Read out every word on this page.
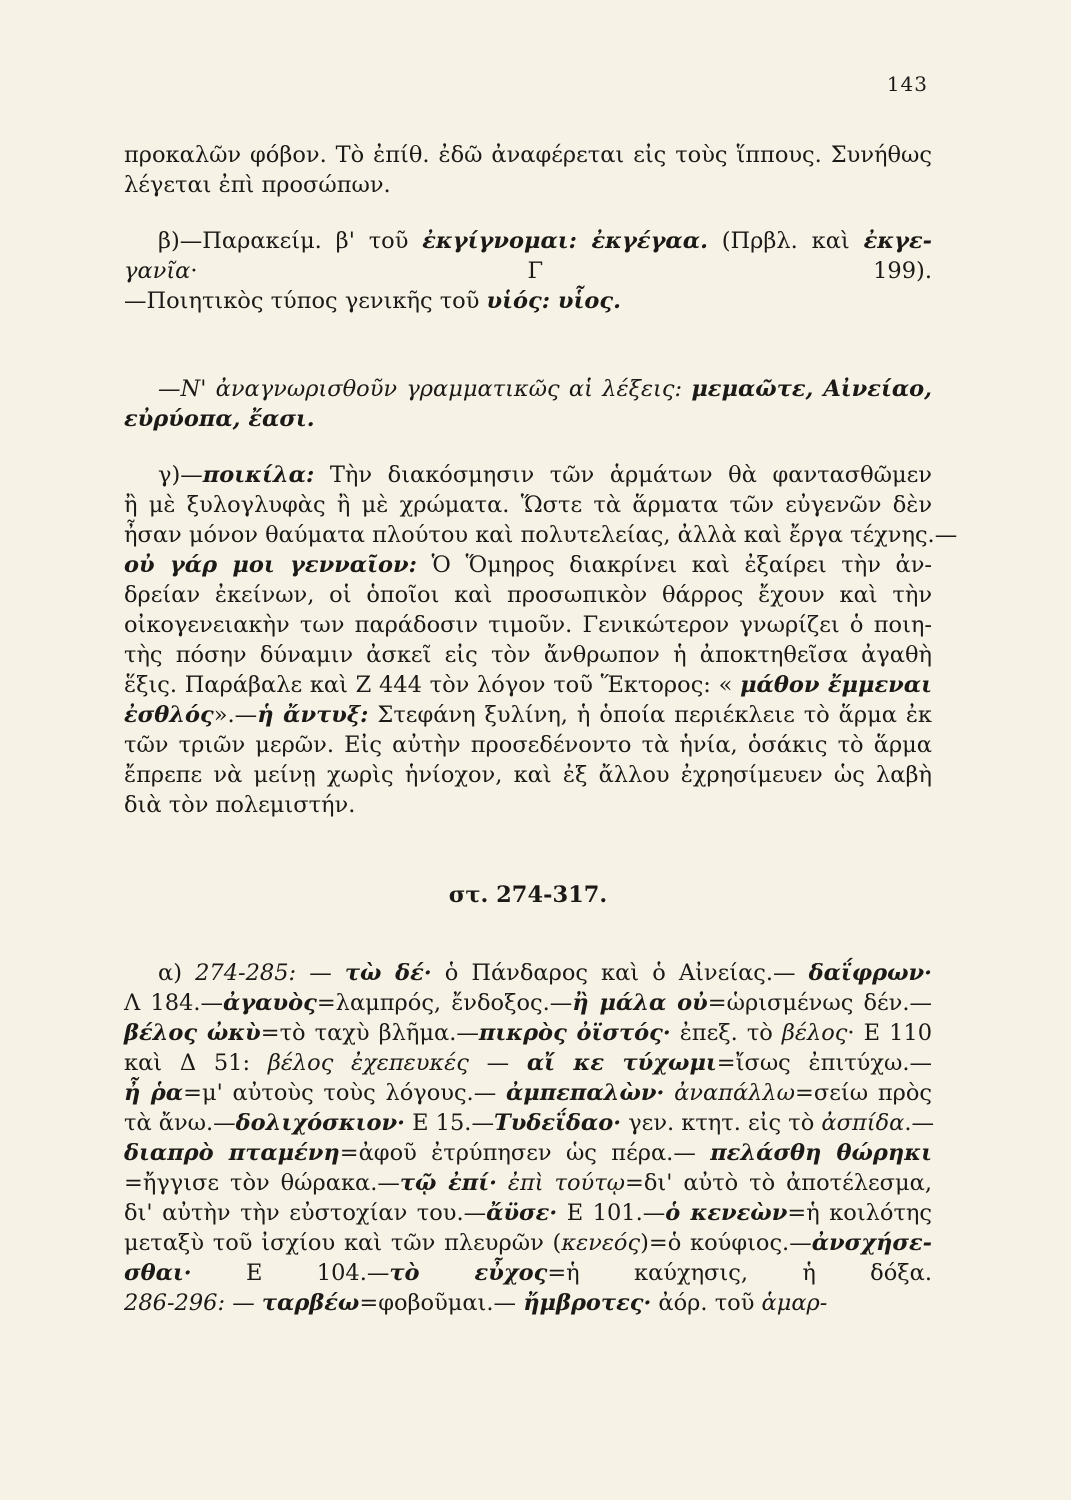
143
προκαλῶν φόβον. Τὸ ἐπίθ. ἐδῶ ἀναφέρεται εἰς τοὺς ἵππους. Συνήθως
λέγεται ἐπὶ προσώπων.
β)—Παρακείμ. β' τοῦ ἐκγίγνομαι: ἐκγέγαα. (Πρβλ. καὶ ἐκγε-
γανῖα· Γ 199).
—Ποιητικὸς τύπος γενικῆς τοῦ υἱός: υἷος.
—Ν' ἀναγνωρισθοῦν γραμματικῶς αἱ λέξεις: μεμαῶτε, Αἰνείαο,
εὐρύοπα, ἔασι.
γ)—ποικίλα: Τὴν διακόσμησιν τῶν ἁρμάτων θὰ φαντασθῶμεν
ἢ μὲ ξυλογλυφὰς ἢ μὲ χρώματα. Ὥστε τὰ ἅρματα τῶν εὐγενῶν δὲν
ἦσαν μόνον θαύματα πλούτου καὶ πολυτελείας, ἀλλὰ καὶ ἔργα τέχνης.—
οὐ γάρ μοι γενναῖον: Ὁ Ὅμηρος διακρίνει καὶ ἐξαίρει τὴν ἀν-
δρείαν ἐκείνων, οἱ ὁποῖοι καὶ προσωπικὸν θάρρος ἔχουν καὶ τὴν
οἰκογενειακὴν των παράδοσιν τιμοῦν. Γενικώτερον γνωρίζει ὁ ποιη-
τὴς πόσην δύναμιν ἀσκεῖ εἰς τὸν ἄνθρωπον ἡ ἀποκτηθεῖσα ἀγαθὴ
ἕξις. Παράβαλε καὶ Ζ 444 τὸν λόγον τοῦ Ἕκτορος: « μάθον ἔμμεναι
ἐσθλός».—ἡ ἄντυξ: Στεφάνη ξυλίνη, ἡ ὁποία περιέκλειε τὸ ἅρμα ἐκ
τῶν τριῶν μερῶν. Εἰς αὐτὴν προσεδένοντο τὰ ἡνία, ὁσάκις τὸ ἅρμα
ἔπρεπε νὰ μείνῃ χωρὶς ἡνίοχον, καὶ ἐξ ἄλλου ἐχρησίμευεν ὡς λαβὴ
διὰ τὸν πολεμιστήν.
στ. 274-317.
α) 274-285: — τὼ δέ· ὁ Πάνδαρος καὶ ὁ Αἰνείας.— δαΐφρων·
Λ 184.—ἀγαυὸς=λαμπρός, ἔνδοξος.—ἢ μάλα οὐ=ὡρισμένως δέν.—
βέλος ὠκὺ=τὸ ταχὺ βλῆμα.—πικρὸς ὀϊστός· ἐπεξ. τὸ βέλος· Ε 110
καὶ Δ 51: βέλος ἐχεπευκές — αἴ κε τύχωμι=ἴσως ἐπιτύχω.—
ἦ ῥα=μ' αὐτοὺς τοὺς λόγους.— ἀμπεπαλὼν· ἀναπάλλω=σείω πρὸς
τὰ ἄνω.—δολιχόσκιον· Ε 15.—Τυδεΐδαο· γεν. κτητ. εἰς τὸ ἀσπίδα.—
διαπρὸ πταμένη=ἀφοῦ ἐτρύπησεν ὡς πέρα.— πελάσθη θώρηκι
=ἤγγισε τὸν θώρακα.—τῷ ἐπί· ἐπὶ τούτῳ=δι' αὐτὸ τὸ ἀποτέλεσμα,
δι' αὐτὴν τὴν εὐστοχίαν του.—ἄϋσε· Ε 101.—ὁ κενεὼν=ἡ κοιλότης
μεταξὺ τοῦ ἰσχίου καὶ τῶν πλευρῶν (κενεός)=ὁ κούφιος.—ἀνσχήσε-
σθαι· Ε 104.—τὸ εὖχος=ἡ καύχησις, ἡ δόξα.
286-296: — ταρβέω=φοβοῦμαι.— ἤμβροτες· ἀόρ. τοῦ ἁμαρ-
